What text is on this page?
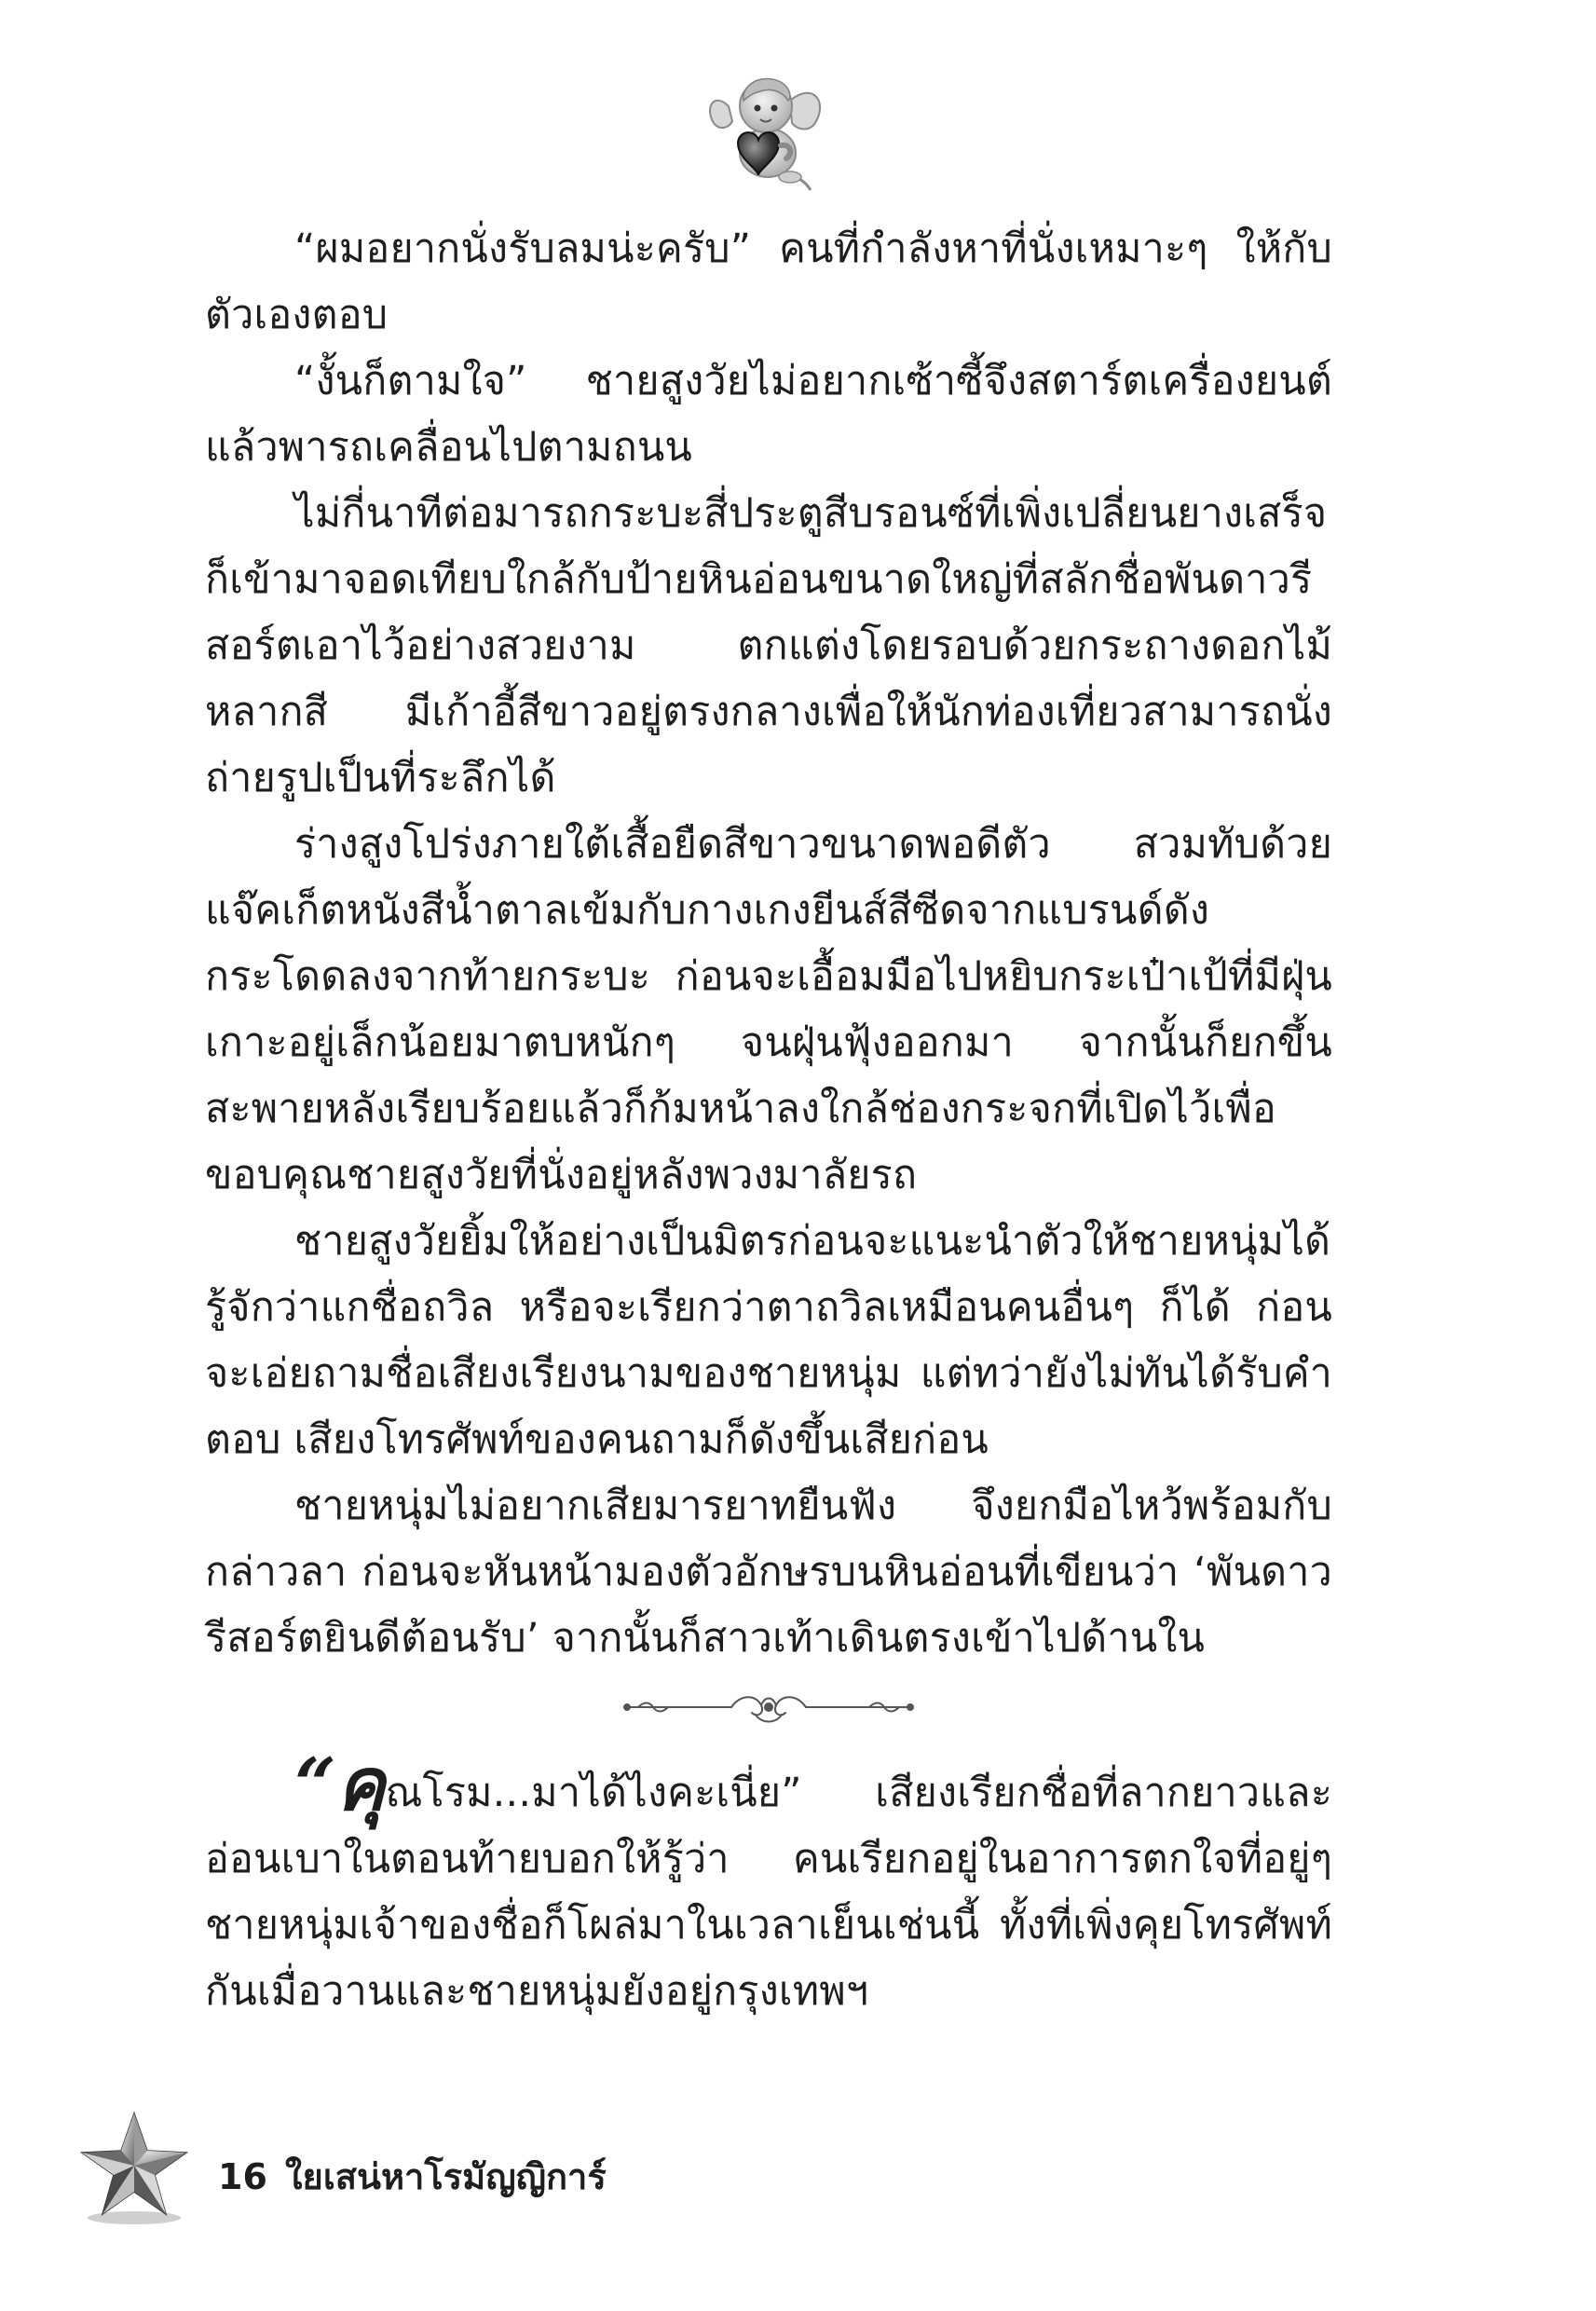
“ผมอยากนั่งรับลมน่ะครับ” คนที่กำลังหาที่นั่งเหมาะๆ ให้กับตัวเองตอบ

“งั้นก็ตามใจ” ชายสูงวัยไม่อยากเซ้าซี้จึงสตาร์ตเครื่องยนต์แล้วพารถเคลื่อนไปตามถนน

ไม่กี่นาทีต่อมารถกระบะสี่ประตูสีบรอนซ์ที่เพิ่งเปลี่ยนยางเสร็จก็เข้ามาจอดเทียบใกล้กับป้ายหินอ่อนขนาดใหญ่ที่สลักชื่อพันดาวรีสอร์ตเอาไว้อย่างสวยงาม ตกแต่งโดยรอบด้วยกระถางดอกไม้หลากสี มีเก้าอี้สีขาวอยู่ตรงกลางเพื่อให้นักท่องเที่ยวสามารถนั่งถ่ายรูปเป็นที่ระลึกได้

ร่างสูงโปร่งภายใต้เสื้อยืดสีขาวขนาดพอดีตัว สวมทับด้วยแจ๊คเก็ตหนังสีน้ำตาลเข้มกับกางเกงยีนส์สีซีดจากแบรนด์ดังกระโดดลงจากท้ายกระบะ ก่อนจะเอื้อมมือไปหยิบกระเป๋าเป้ที่มีฝุ่นเกาะอยู่เล็กน้อยมาตบหนักๆ จนฝุ่นฟุ้งออกมา จากนั้นก็ยกขึ้นสะพายหลังเรียบร้อยแล้วก็ก้มหน้าลงใกล้ช่องกระจกที่เปิดไว้เพื่อขอบคุณชายสูงวัยที่นั่งอยู่หลังพวงมาลัยรถ

ชายสูงวัยยิ้มให้อย่างเป็นมิตรก่อนจะแนะนำตัวให้ชายหนุ่มได้รู้จักว่าแกชื่อถวิล หรือจะเรียกว่าตาถวิลเหมือนคนอื่นๆ ก็ได้ ก่อนจะเอ่ยถามชื่อเสียงเรียงนามของชายหนุ่ม แต่ทว่ายังไม่ทันได้รับคำตอบ เสียงโทรศัพท์ของคนถามก็ดังขึ้นเสียก่อน

ชายหนุ่มไม่อยากเสียมารยาทยืนฟัง จึงยกมือไหว้พร้อมกับกล่าวลา ก่อนจะหันหน้ามองตัวอักษรบนหินอ่อนที่เขียนว่า ‘พันดาวรีสอร์ตยินดีต้อนรับ’ จากนั้นก็สาวเท้าเดินตรงเข้าไปด้านใน

“คุณโรม...มาได้ไงคะเนี่ย” เสียงเรียกชื่อที่ลากยาวและอ่อนเบาในตอนท้ายบอกให้รู้ว่า คนเรียกอยู่ในอาการตกใจที่อยู่ๆ ชายหนุ่มเจ้าของชื่อก็โผล่มาในเวลาเย็นเช่นนี้ ทั้งที่เพิ่งคุยโทรศัพท์กันเมื่อวานและชายหนุ่มยังอยู่กรุงเทพฯ

16 ใยเสน่หาโรมัญญิการ์
